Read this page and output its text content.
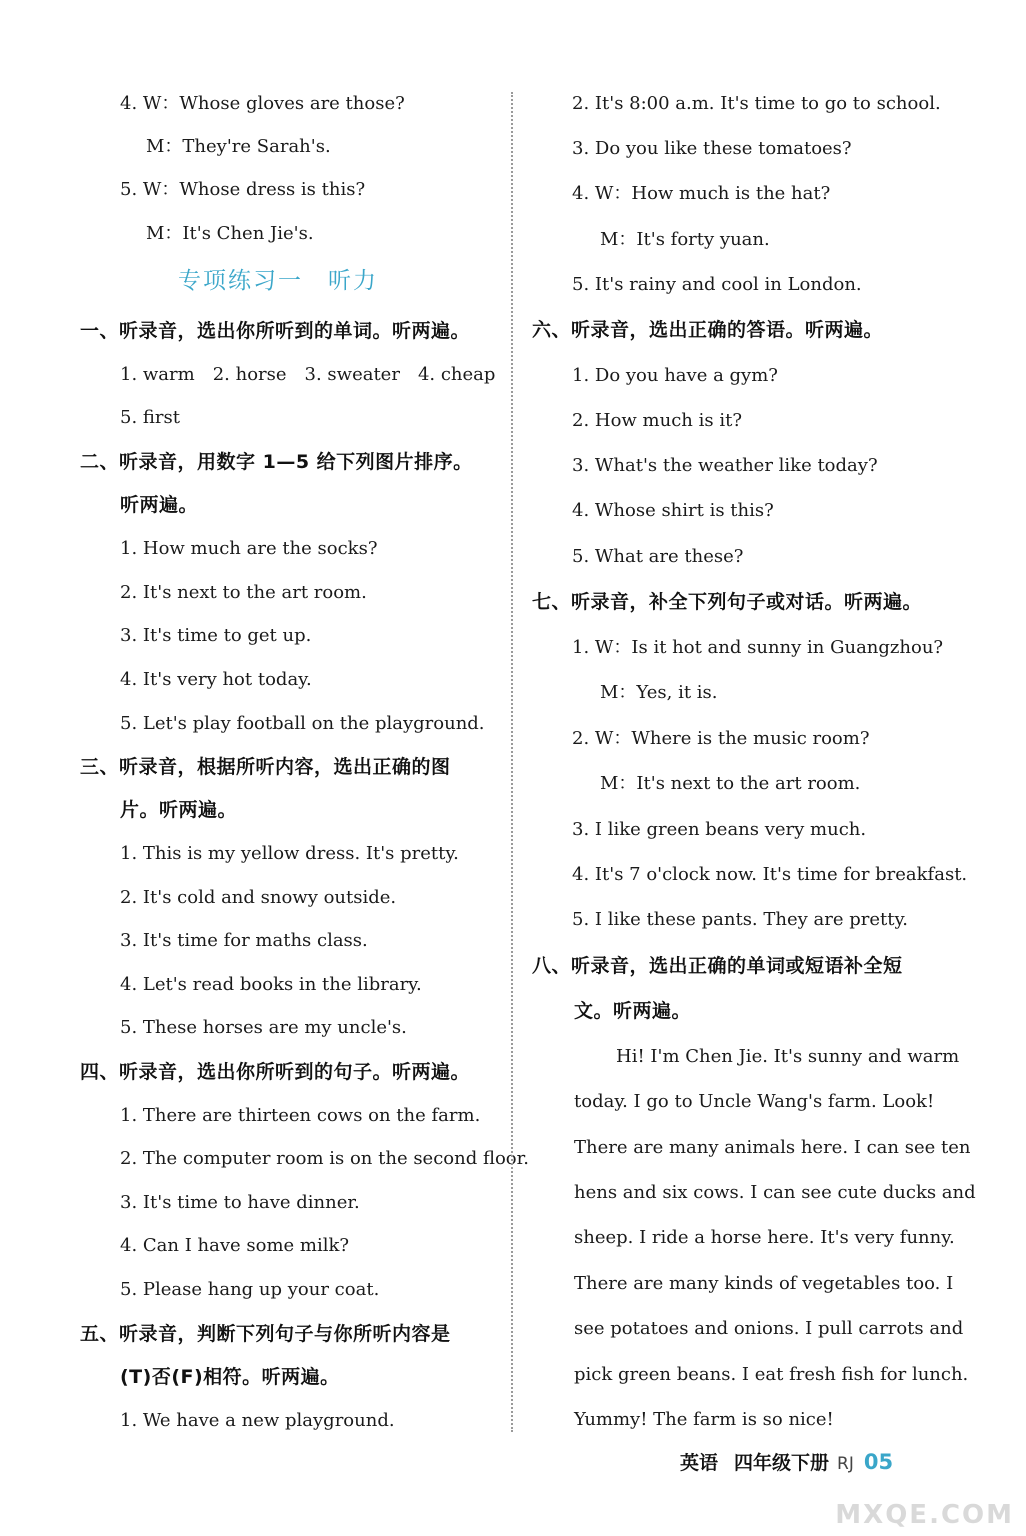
4. W：Whose gloves are those?
M：They're Sarah's.
5. W：Whose dress is this?
M：It's Chen Jie's.
专项练习一　听力
一、听录音，选出你所听到的单词。听两遍。
1. warm　2. horse　3. sweater　4. cheap
5. first
二、听录音，用数字 1—5 给下列图片排序。
听两遍。
1. How much are the socks?
2. It's next to the art room.
3. It's time to get up.
4. It's very hot today.
5. Let's play football on the playground.
三、听录音，根据所听内容，选出正确的图
片。听两遍。
1. This is my yellow dress. It's pretty.
2. It's cold and snowy outside.
3. It's time for maths class.
4. Let's read books in the library.
5. These horses are my uncle's.
四、听录音，选出你所听到的句子。听两遍。
1. There are thirteen cows on the farm.
2. The computer room is on the second floor.
3. It's time to have dinner.
4. Can I have some milk?
5. Please hang up your coat.
五、听录音，判断下列句子与你所听内容是
(T)否(F)相符。听两遍。
1. We have a new playground.
2. It's 8:00 a.m. It's time to go to school.
3. Do you like these tomatoes?
4. W：How much is the hat?
M：It's forty yuan.
5. It's rainy and cool in London.
六、听录音，选出正确的答语。听两遍。
1. Do you have a gym?
2. How much is it?
3. What's the weather like today?
4. Whose shirt is this?
5. What are these?
七、听录音，补全下列句子或对话。听两遍。
1. W：Is it hot and sunny in Guangzhou?
M：Yes, it is.
2. W：Where is the music room?
M：It's next to the art room.
3. I like green beans very much.
4. It's 7 o'clock now. It's time for breakfast.
5. I like these pants. They are pretty.
八、听录音，选出正确的单词或短语补全短
文。听两遍。
Hi! I'm Chen Jie. It's sunny and warm
today. I go to Uncle Wang's farm. Look!
There are many animals here. I can see ten
hens and six cows. I can see cute ducks and
sheep. I ride a horse here. It's very funny.
There are many kinds of vegetables too. I
see potatoes and onions. I pull carrots and
pick green beans. I eat fresh fish for lunch.
Yummy! The farm is so nice!
英语 四年级下册 RJ 05
MXQE.COM
